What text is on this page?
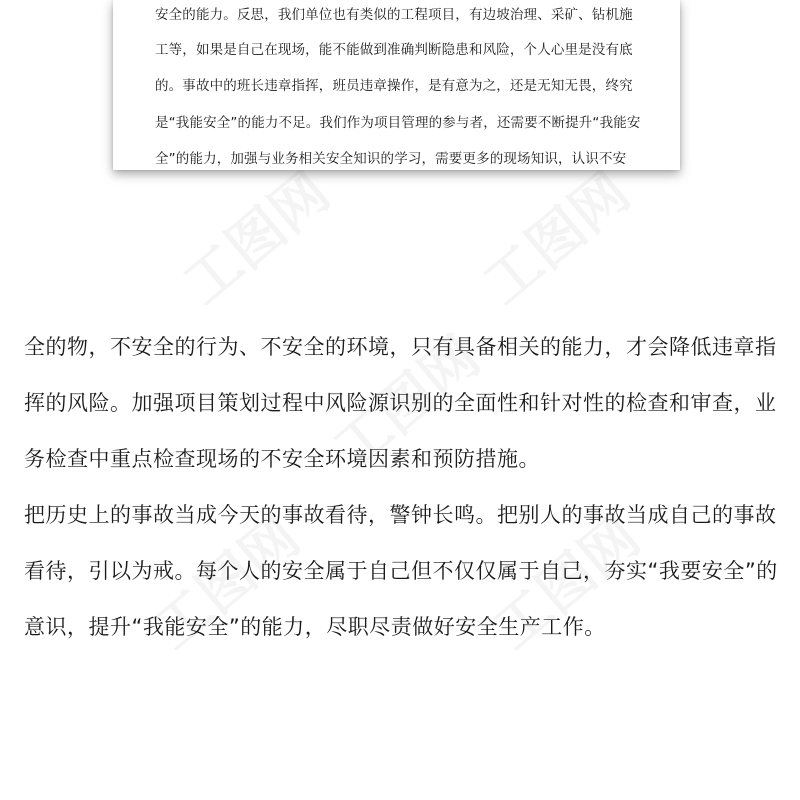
安全的能力。反思，我们单位也有类似的工程项目，有边坡治理、采矿、钻机施
工等，如果是自己在现场，能不能做到准确判断隐患和风险，个人心里是没有底
的。事故中的班长违章指挥，班员违章操作，是有意为之，还是无知无畏，终究
是“我能安全”的能力不足。我们作为项目管理的参与者，还需要不断提升“我能安
全”的能力，加强与业务相关安全知识的学习，需要更多的现场知识，认识不安
全的物，不安全的行为、不安全的环境，只有具备相关的能力，才会降低违章指
挥的风险。加强项目策划过程中风险源识别的全面性和针对性的检查和审查，业
务检查中重点检查现场的不安全环境因素和预防措施。
把历史上的事故当成今天的事故看待，警钟长鸣。把别人的事故当成自己的事故
看待，引以为戒。每个人的安全属于自己但不仅仅属于自己，夯实“我要安全”的
意识，提升“我能安全”的能力，尽职尽责做好安全生产工作。
